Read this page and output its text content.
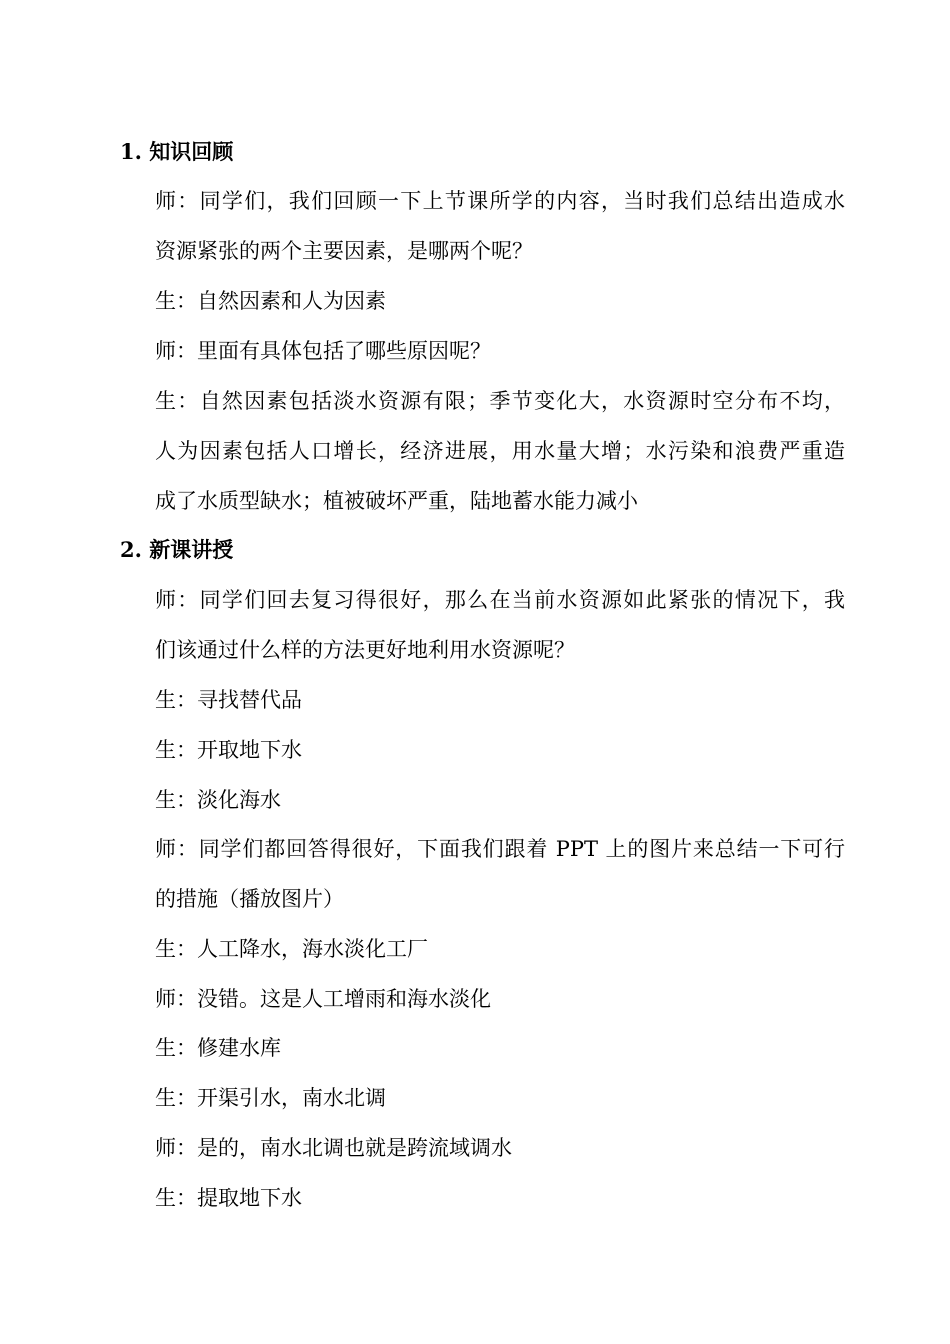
1. 知识回顾
师：同学们，我们回顾一下上节课所学的内容，当时我们总结出造成水
资源紧张的两个主要因素，是哪两个呢？
生：自然因素和人为因素
师：里面有具体包括了哪些原因呢？
生：自然因素包括淡水资源有限；季节变化大，水资源时空分布不均，
人为因素包括人口增长，经济进展，用水量大增；水污染和浪费严重造
成了水质型缺水；植被破坏严重，陆地蓄水能力减小
2. 新课讲授
师：同学们回去复习得很好，那么在当前水资源如此紧张的情况下，我
们该通过什么样的方法更好地利用水资源呢？
生：寻找替代品
生：开取地下水
生：淡化海水
师：同学们都回答得很好，下面我们跟着 PPT 上的图片来总结一下可行
的措施（播放图片）
生：人工降水，海水淡化工厂
师：没错。这是人工增雨和海水淡化
生：修建水库
生：开渠引水，南水北调
师：是的，南水北调也就是跨流域调水
生：提取地下水
